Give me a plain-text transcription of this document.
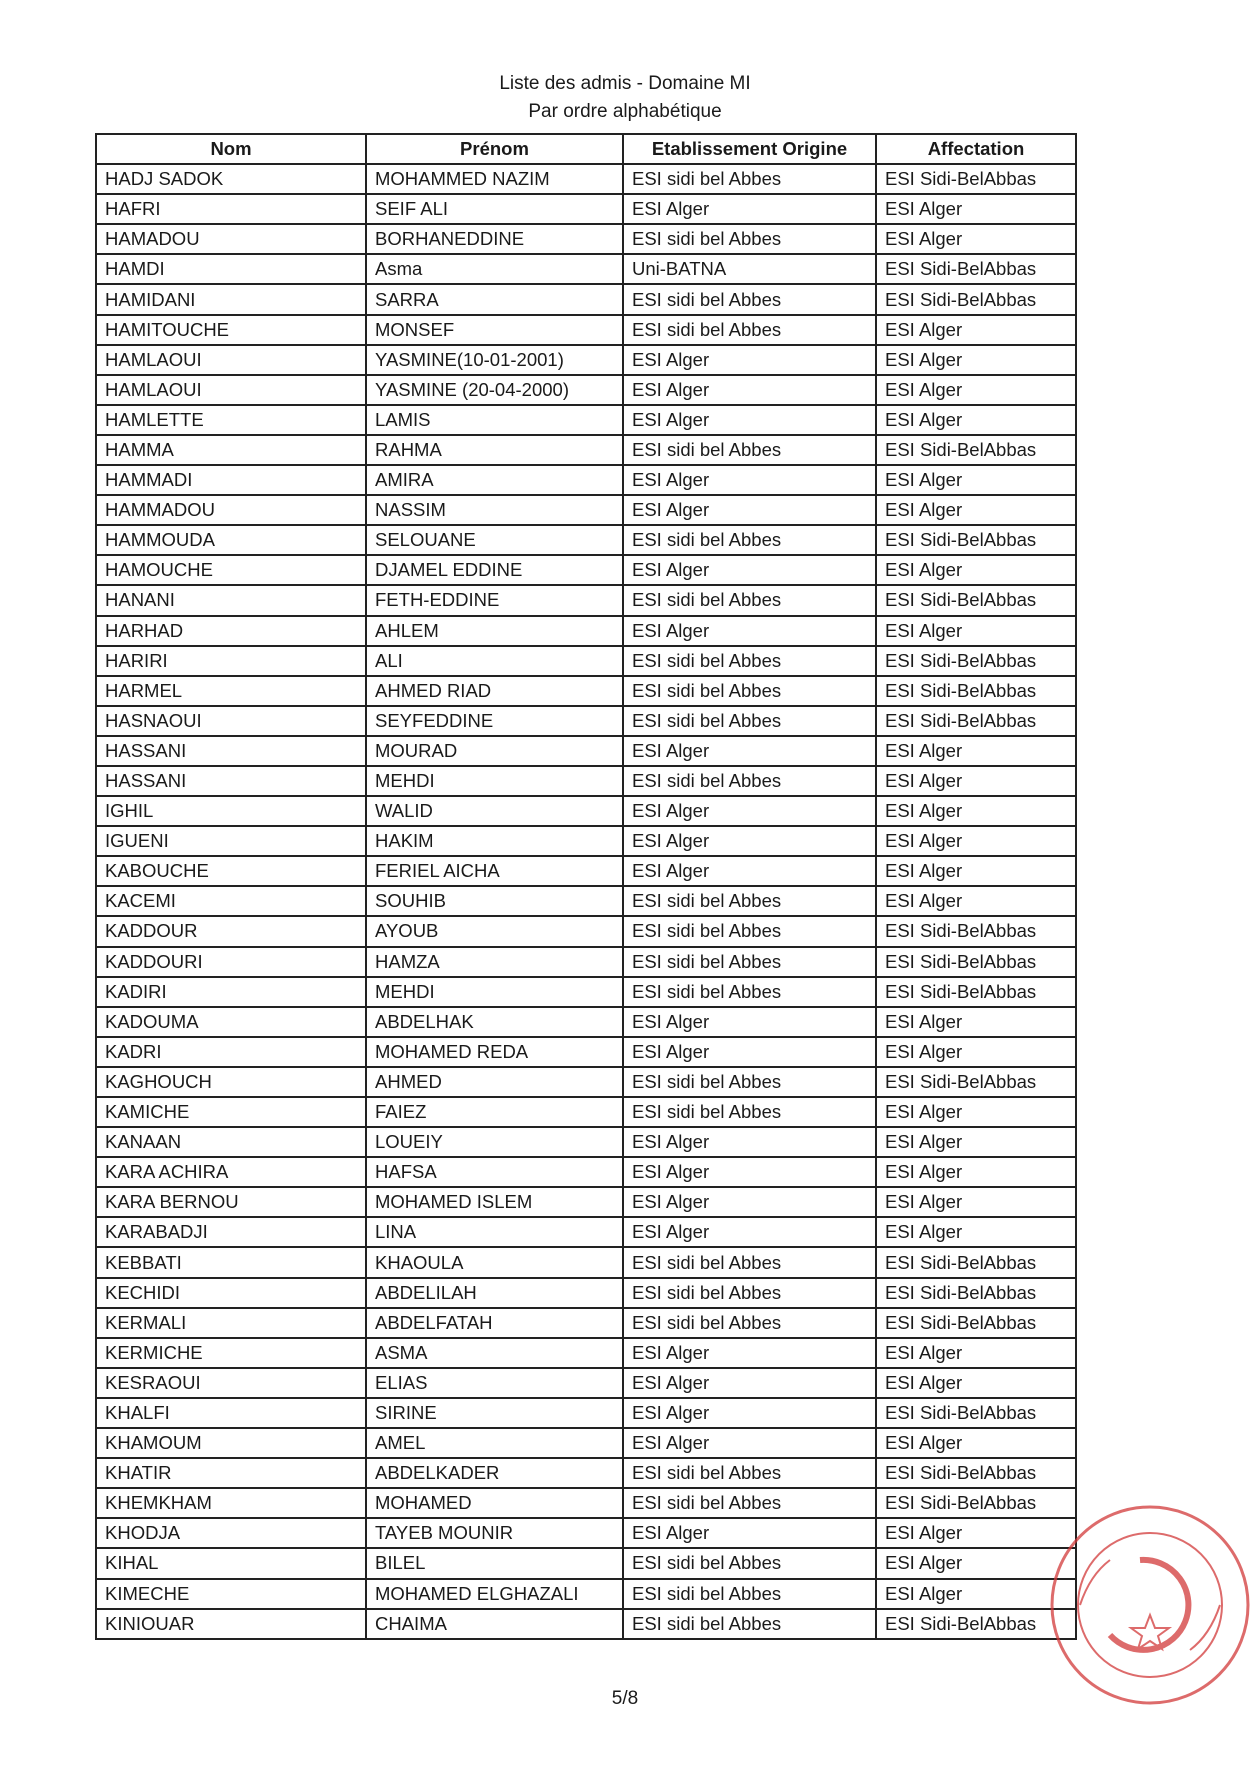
Liste des admis - Domaine MI
Par ordre alphabétique
Nom	Prénom	Etablissement Origine	Affectation
HADJ SADOK	MOHAMMED NAZIM	ESI sidi bel Abbes	ESI Sidi-BelAbbas
HAFRI	SEIF ALI	ESI Alger	ESI Alger
HAMADOU	BORHANEDDINE	ESI sidi bel Abbes	ESI Alger
HAMDI	Asma	Uni-BATNA	ESI Sidi-BelAbbas
HAMIDANI	SARRA	ESI sidi bel Abbes	ESI Sidi-BelAbbas
HAMITOUCHE	MONSEF	ESI sidi bel Abbes	ESI Alger
HAMLAOUI	YASMINE(10-01-2001)	ESI Alger	ESI Alger
HAMLAOUI	YASMINE (20-04-2000)	ESI Alger	ESI Alger
HAMLETTE	LAMIS	ESI Alger	ESI Alger
HAMMA	RAHMA	ESI sidi bel Abbes	ESI Sidi-BelAbbas
HAMMADI	AMIRA	ESI Alger	ESI Alger
HAMMADOU	NASSIM	ESI Alger	ESI Alger
HAMMOUDA	SELOUANE	ESI sidi bel Abbes	ESI Sidi-BelAbbas
HAMOUCHE	DJAMEL EDDINE	ESI Alger	ESI Alger
HANANI	FETH-EDDINE	ESI sidi bel Abbes	ESI Sidi-BelAbbas
HARHAD	AHLEM	ESI Alger	ESI Alger
HARIRI	ALI	ESI sidi bel Abbes	ESI Sidi-BelAbbas
HARMEL	AHMED RIAD	ESI sidi bel Abbes	ESI Sidi-BelAbbas
HASNAOUI	SEYFEDDINE	ESI sidi bel Abbes	ESI Sidi-BelAbbas
HASSANI	MOURAD	ESI Alger	ESI Alger
HASSANI	MEHDI	ESI sidi bel Abbes	ESI Alger
IGHIL	WALID	ESI Alger	ESI Alger
IGUENI	HAKIM	ESI Alger	ESI Alger
KABOUCHE	FERIEL AICHA	ESI Alger	ESI Alger
KACEMI	SOUHIB	ESI sidi bel Abbes	ESI Alger
KADDOUR	AYOUB	ESI sidi bel Abbes	ESI Sidi-BelAbbas
KADDOURI	HAMZA	ESI sidi bel Abbes	ESI Sidi-BelAbbas
KADIRI	MEHDI	ESI sidi bel Abbes	ESI Sidi-BelAbbas
KADOUMA	ABDELHAK	ESI Alger	ESI Alger
KADRI	MOHAMED REDA	ESI Alger	ESI Alger
KAGHOUCH	AHMED	ESI sidi bel Abbes	ESI Sidi-BelAbbas
KAMICHE	FAIEZ	ESI sidi bel Abbes	ESI Alger
KANAAN	LOUEIY	ESI Alger	ESI Alger
KARA ACHIRA	HAFSA	ESI Alger	ESI Alger
KARA BERNOU	MOHAMED ISLEM	ESI Alger	ESI Alger
KARABADJI	LINA	ESI Alger	ESI Alger
KEBBATI	KHAOULA	ESI sidi bel Abbes	ESI Sidi-BelAbbas
KECHIDI	ABDELILAH	ESI sidi bel Abbes	ESI Sidi-BelAbbas
KERMALI	ABDELFATAH	ESI sidi bel Abbes	ESI Sidi-BelAbbas
KERMICHE	ASMA	ESI Alger	ESI Alger
KESRAOUI	ELIAS	ESI Alger	ESI Alger
KHALFI	SIRINE	ESI Alger	ESI Sidi-BelAbbas
KHAMOUM	AMEL	ESI Alger	ESI Alger
KHATIR	ABDELKADER	ESI sidi bel Abbes	ESI Sidi-BelAbbas
KHEMKHAM	MOHAMED	ESI sidi bel Abbes	ESI Sidi-BelAbbas
KHODJA	TAYEB MOUNIR	ESI Alger	ESI Alger
KIHAL	BILEL	ESI sidi bel Abbes	ESI Alger
KIMECHE	MOHAMED ELGHAZALI	ESI sidi bel Abbes	ESI Alger
KINIOUAR	CHAIMA	ESI sidi bel Abbes	ESI Sidi-BelAbbas
5/8
